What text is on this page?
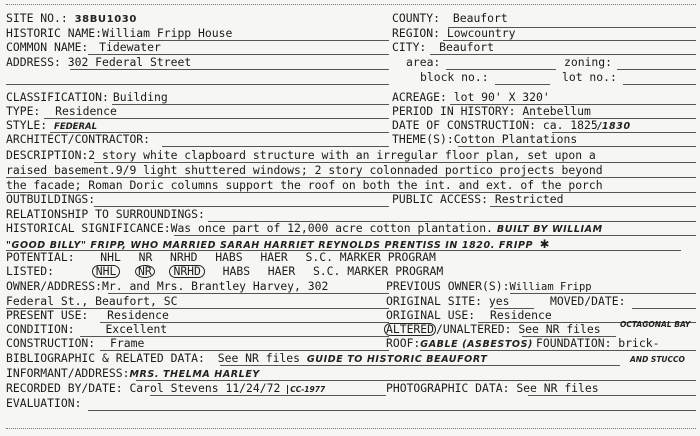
SITE NO.: 38BU1030	COUNTY: Beaufort
HISTORIC NAME:William Fripp House	REGION: Lowcountry
COMMON NAME: Tidewater	CITY: Beaufort
ADDRESS: 302 Federal Street	area:	zoning:
block no.:	lot no.:
CLASSIFICATION: Building	ACREAGE: lot 90' X 320'
TYPE: Residence	PERIOD IN HISTORY: Antebellum
STYLE: FEDERAL	DATE OF CONSTRUCTION: ca. 1825/1830
ARCHITECT/CONTRACTOR:	THEME(S):Cotton Plantations
DESCRIPTION:2 story white clapboard structure with an irregular floor plan, set upon a
raised basement.9/9 light shuttered windows; 2 story colonnaded portico projects beyond
the facade; Roman Doric columns support the roof on both the int. and ext. of the porch
OUTBUILDINGS:	PUBLIC ACCESS: Restricted
RELATIONSHIP TO SURROUNDINGS:
HISTORICAL SIGNIFICANCE:Was once part of 12,000 acre cotton plantation. BUILT BY WILLIAM
"GOOD BILLY" FRIPP, WHO MARRIED SARAH HARRIET REYNOLDS PRENTISS IN 1820. FRIPP ✱
POTENTIAL: NHL NR NRHD HABS HAER S.C. MARKER PROGRAM
LISTED:	NHL NR NRHD HABS HAER S.C. MARKER PROGRAM
OWNER/ADDRESS:Mr. and Mrs. Brantley Harvey, 302	PREVIOUS OWNER(S):William Fripp
Federal St., Beaufort, SC	ORIGINAL SITE: yes	MOVED/DATE:
PRESENT USE: Residence	ORIGINAL USE: Residence
CONDITION:	Excellent	ALTERED /UNALTERED: See NR files	OCTAGONAL BAY
CONSTRUCTION: Frame	ROOF:GABLE (ASBESTOS) FOUNDATION: brick-
BIBLIOGRAPHIC & RELATED DATA: See NR files GUIDE TO HISTORIC BEAUFORT	AND STUCCO
INFORMANT/ADDRESS:MRS. THELMA HARLEY
RECORDED BY/DATE: Carol Stevens 11/24/72 CC-1977	PHOTOGRAPHIC DATA: See NR files
EVALUATION:
